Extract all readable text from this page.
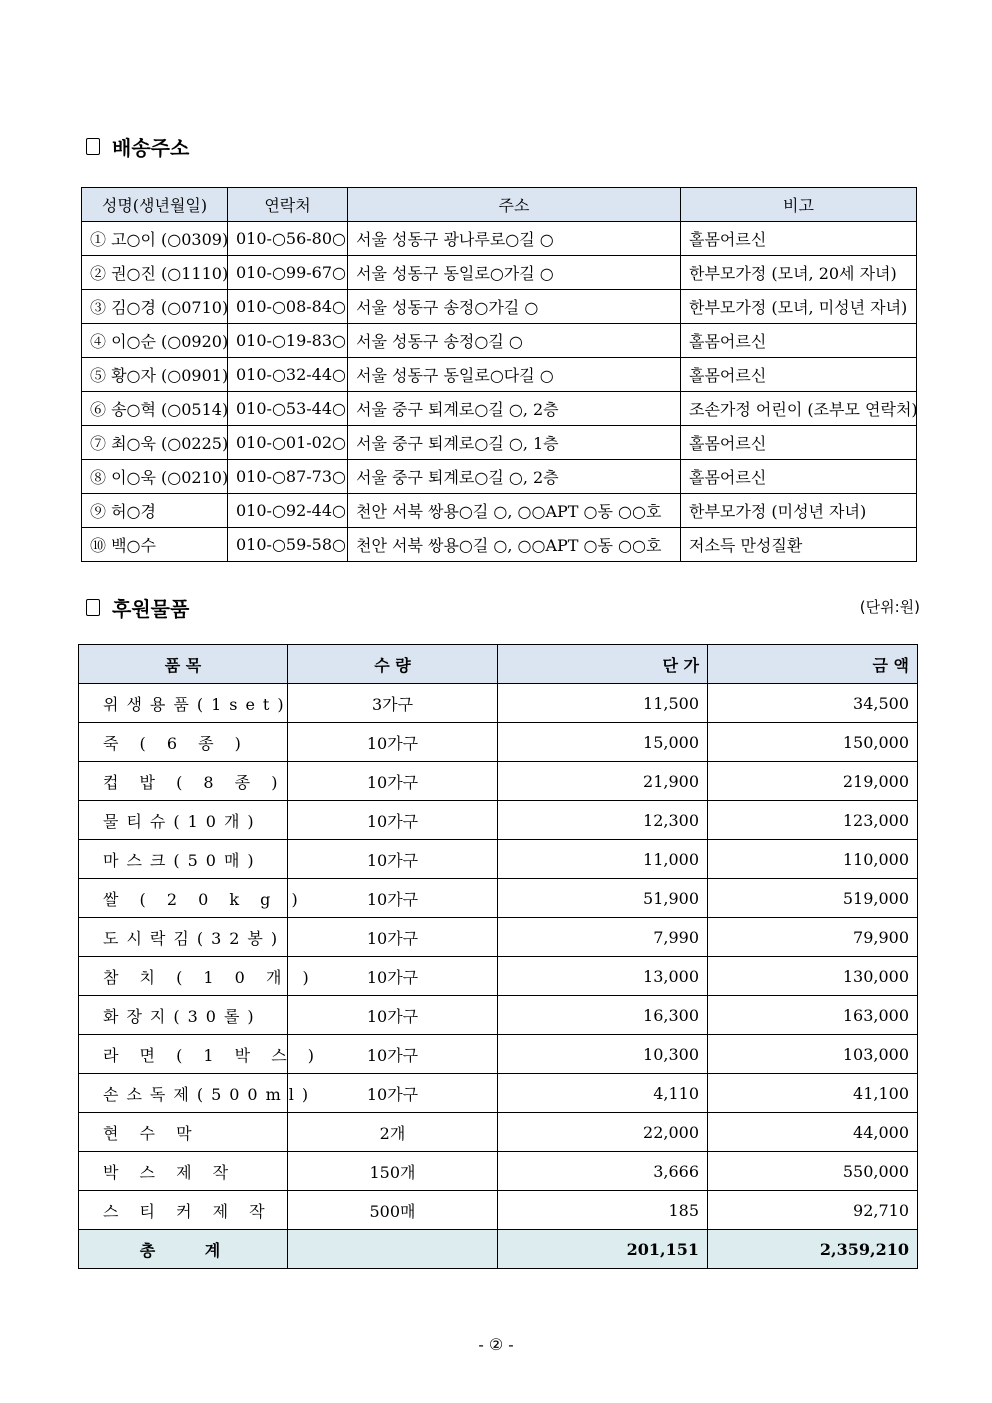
배송주소
성명(생년월일)	연락처	주소	비고
① 고○이 (○0309)	010-○56-80○	서울 성동구 광나루로○길 ○	홀몸어르신
② 권○진 (○1110)	010-○99-67○	서울 성동구 동일로○가길 ○	한부모가정 (모녀, 20세 자녀)
③ 김○경 (○0710)	010-○08-84○	서울 성동구 송정○가길 ○	한부모가정 (모녀, 미성년 자녀)
④ 이○순 (○0920)	010-○19-83○	서울 성동구 송정○길 ○	홀몸어르신
⑤ 황○자 (○0901)	010-○32-44○	서울 성동구 동일로○다길 ○	홀몸어르신
⑥ 송○혁 (○0514)	010-○53-44○	서울 중구 퇴계로○길 ○, 2층	조손가정 어린이 (조부모 연락처)
⑦ 최○욱 (○0225)	010-○01-02○	서울 중구 퇴계로○길 ○, 1층	홀몸어르신
⑧ 이○욱 (○0210)	010-○87-73○	서울 중구 퇴계로○길 ○, 2층	홀몸어르신
⑨ 허○경	010-○92-44○	천안 서북 쌍용○길 ○, ○○APT ○동 ○○호	한부모가정 (미성년 자녀)
⑩ 백○수	010-○59-58○	천안 서북 쌍용○길 ○, ○○APT ○동 ○○호	저소득 만성질환
후원물품	(단위:원)
품 목	수 량	단 가	금 액
위생용품(1set)	3가구	11,500	34,500
죽 ( 6 종 )	10가구	15,000	150,000
컵 밥 ( 8 종 )	10가구	21,900	219,000
물티슈(10개)	10가구	12,300	123,000
마스크(50매)	10가구	11,000	110,000
쌀 ( 2 0 k g )	10가구	51,900	519,000
도시락김(32봉)	10가구	7,990	79,900
참 치 ( 1 0 개 )	10가구	13,000	130,000
화장지(30롤)	10가구	16,300	163,000
라 면 ( 1 박 스 )	10가구	10,300	103,000
손소독제(500ml)	10가구	4,110	41,100
현 수 막	2개	22,000	44,000
박 스 제 작	150개	3,666	550,000
스 티 커 제 작	500매	185	92,710
총 계		201,151	2,359,210
- ② -
